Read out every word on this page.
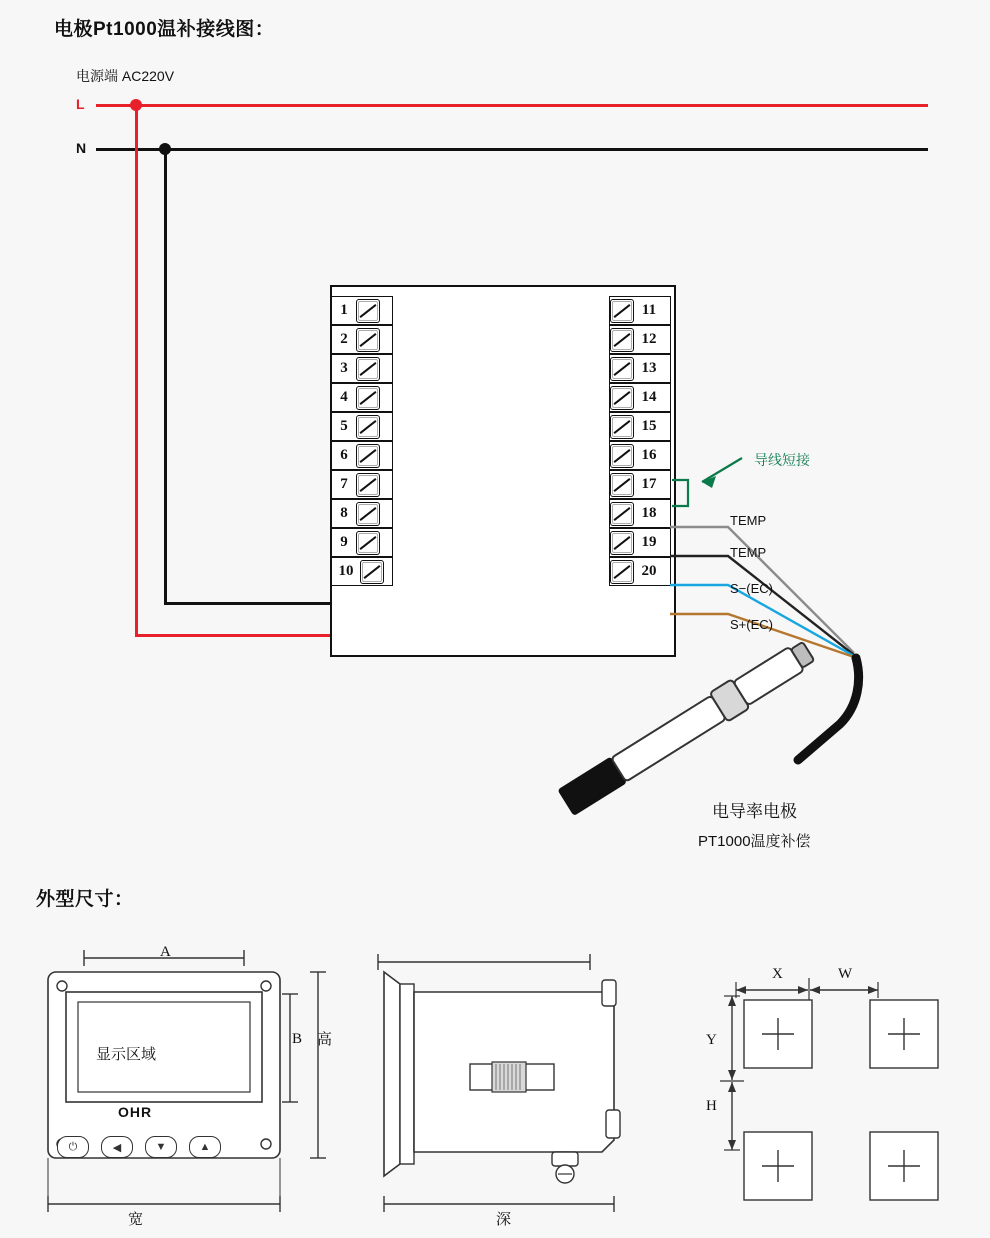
电极Pt1000温补接线图：
电源端 AC220V
L
N
1
2
3
4
5
6
7
8
9
10
11
12
13
14
15
16
17
18
19
20
导线短接
TEMP
TEMP
S−(EC)
S+(EC)
电导率电极
PT1000温度补偿
外型尺寸：
A
B 高
宽
显示区域
OHR
⏻	◀	▼	▲
深
X	W
Y
H
